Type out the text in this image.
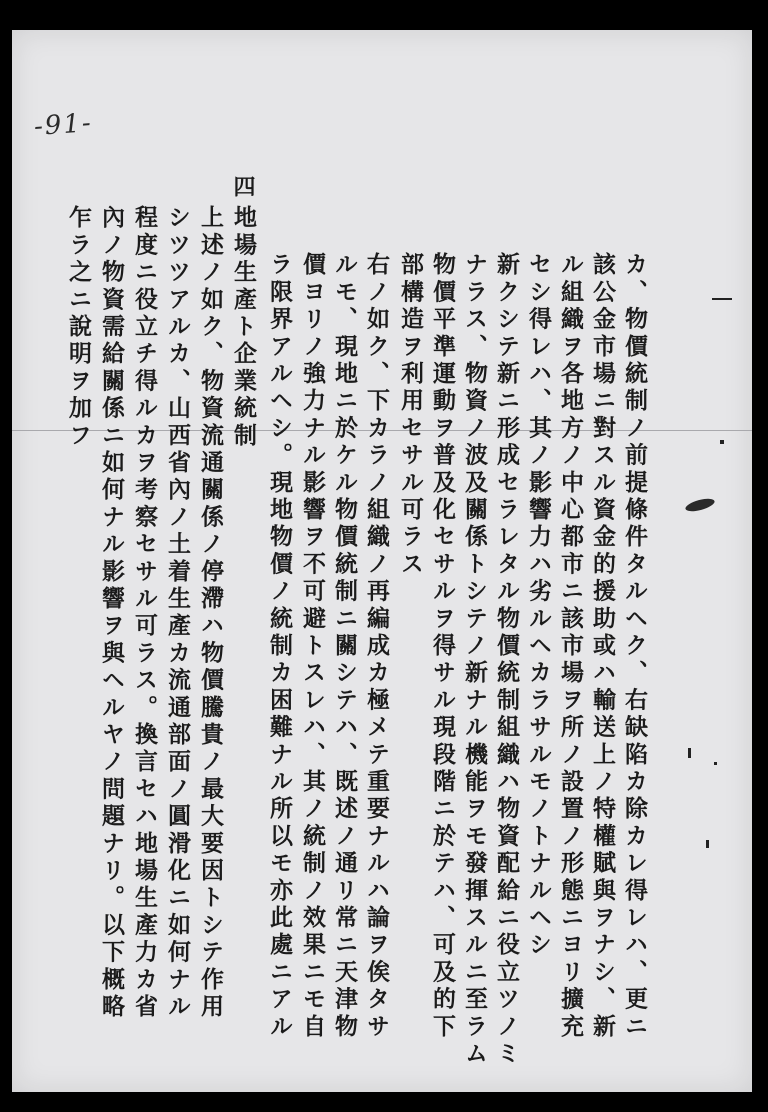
-91-
カ、物價統制ノ前提條件タルヘク、右缺陷カ除カレ得レハ、更ニ
該公金市場ニ對スル資金的援助或ハ輸送上ノ特權賦與ヲナシ、新
ル組織ヲ各地方ノ中心都市ニ該市場ヲ所ノ設置ノ形態ニヨリ擴充
セシ得レハ、其ノ影響力ハ劣ルヘカラサルモノトナルヘシ
新クシテ新ニ形成セラレタル物價統制組織ハ物資配給ニ役立ツノミ
ナラス、物資ノ波及關係トシテノ新ナル機能ヲモ發揮スルニ至ラム
物價平準運動ヲ普及化セサルヲ得サル現段階ニ於テハ、可及的下
部構造ヲ利用セサル可ラス
右ノ如ク、下カラノ組織ノ再編成カ極メテ重要ナルハ論ヲ俟タサ
ルモ、現地ニ於ケル物價統制ニ關シテハ、既述ノ通リ常ニ天津物
價ヨリノ強力ナル影響ヲ不可避トスレハ、其ノ統制ノ效果ニモ自
ラ限界アルヘシ。現地物價ノ統制カ困難ナル所以モ亦此處ニアル
四
地場生產ト企業統制
上述ノ如ク、物資流通關係ノ停滯ハ物價騰貴ノ最大要因トシテ作用
シツツアルカ、山西省內ノ土着生產カ流通部面ノ圓滑化ニ如何ナル
程度ニ役立チ得ルカヲ考察セサル可ラス。換言セハ地場生產力カ省
內ノ物資需給關係ニ如何ナル影響ヲ與ヘルヤノ問題ナリ。以下概略
乍ラ之ニ說明ヲ加フ
